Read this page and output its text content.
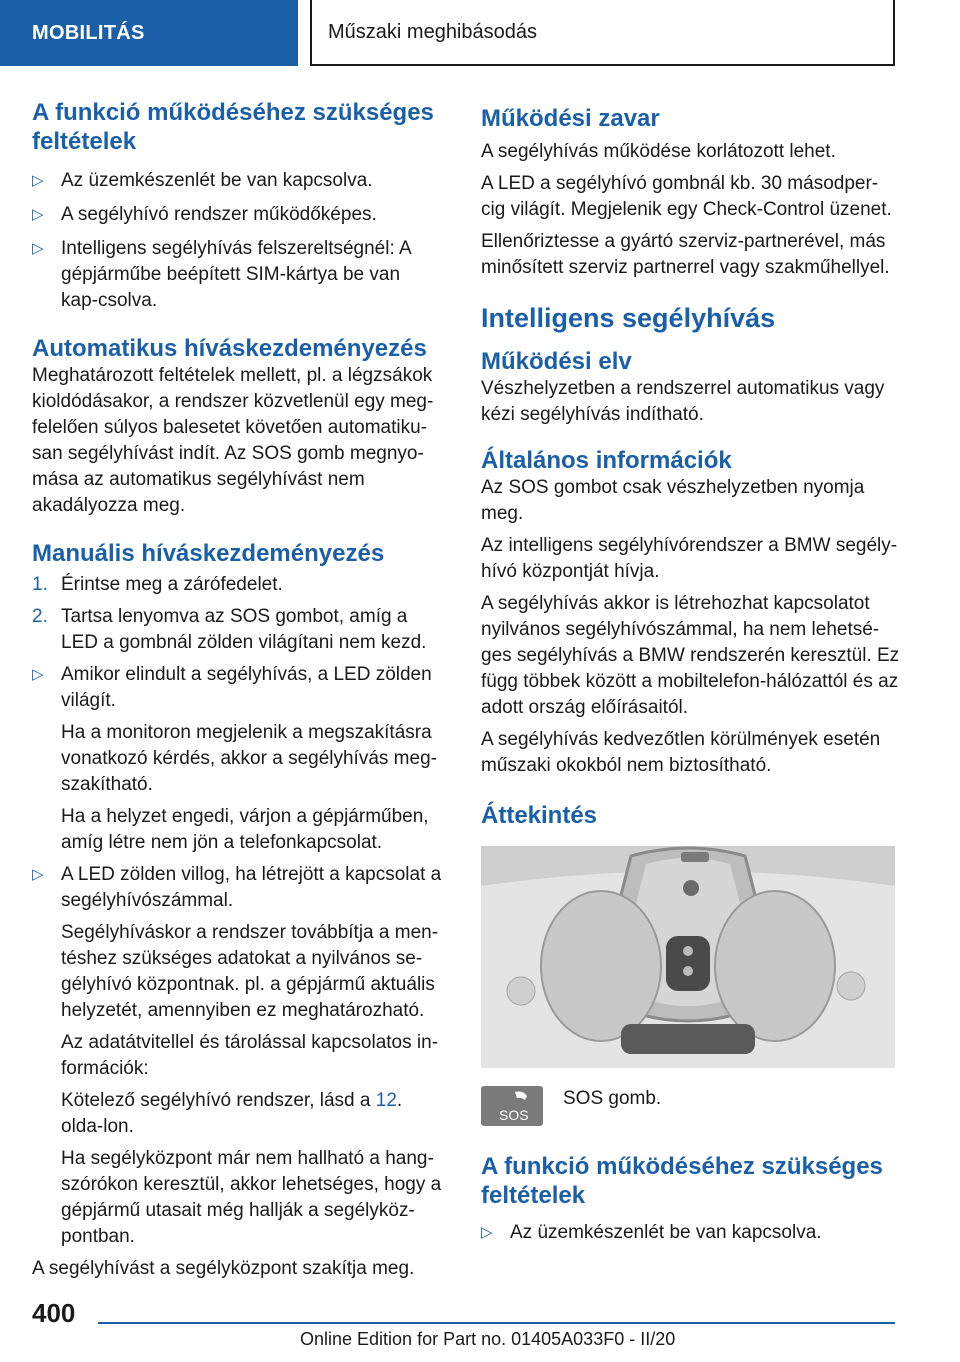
MOBILITÁS	Műszaki meghibásodás
A funkció működéséhez szükséges feltételek
▷ Az üzemkészenlét be van kapcsolva.
▷ A segélyhívó rendszer működőképes.
▷ Intelligens segélyhívás felszereltségnél: A gépjárműbe beépített SIM-kártya be van kap‐csolva.
Automatikus híváskezdeményezés

Meghatározott feltételek mellett, pl. a légzsákok kioldódásakor, a rendszer közvetlenül egy meg‐felelően súlyos balesetet követően automatiku‐san segélyhívást indít. Az SOS gomb megnyo‐mása az automatikus segélyhívást nem akadályozza meg.

Manuális híváskezdeményezés
1. Érintse meg a zárófedelet.
2. Tartsa lenyomva az SOS gombot, amíg a LED a gombnál zölden világítani nem kezd.
▷ Amikor elindult a segélyhívás, a LED zölden világít.
Ha a monitoron megjelenik a megszakításra vonatkozó kérdés, akkor a segélyhívás meg‐szakítható.
Ha a helyzet engedi, várjon a gépjárműben, amíg létre nem jön a telefonkapcsolat.
▷ A LED zölden villog, ha létrejött a kapcsolat a segélyhívószámmal.
Segélyhíváskor a rendszer továbbítja a men‐téshez szükséges adatokat a nyilvános se‐gélyhívó központnak. pl. a gépjármű aktuális helyzetét, amennyiben ez meghatározható.
Az adatátvitellel és tárolással kapcsolatos in‐formációk:
Kötelező segélyhívó rendszer, lásd a 12. olda‐lon.
Ha segélyközpont már nem hallható a hang‐szórókon keresztül, akkor lehetséges, hogy a gépjármű utasait még hallják a segélyköz‐pontban.

A segélyhívást a segélyközpont szakítja meg.

Működési zavar

A segélyhívás működése korlátozott lehet.

A LED a segélyhívó gombnál kb. 30 másodper‐cig világít. Megjelenik egy Check-Control üzenet.

Ellenőriztesse a gyártó szerviz-partnerével, más minősített szerviz partnerrel vagy szakműhellyel.

Intelligens segélyhívás
Működési elv

Vészhelyzetben a rendszerrel automatikus vagy kézi segélyhívás indítható.

Általános információk

Az SOS gombot csak vészhelyzetben nyomja meg.

Az intelligens segélyhívórendszer a BMW segély‐hívó központját hívja.

A segélyhívás akkor is létrehozhat kapcsolatot nyilvános segélyhívószámmal, ha nem lehetsé‐ges segélyhívás a BMW rendszerén keresztül. Ez függ többek között a mobiltelefon-hálózattól és az adott ország előírásaitól.

A segélyhívás kedvezőtlen körülmények esetén műszaki okokból nem biztosítható.

Áttekintés
SOS

SOS gomb.

A funkció működéséhez szükséges feltételek
▷ Az üzemkészenlét be van kapcsolva.
400
Online Edition for Part no. 01405A033F0 - II/20
